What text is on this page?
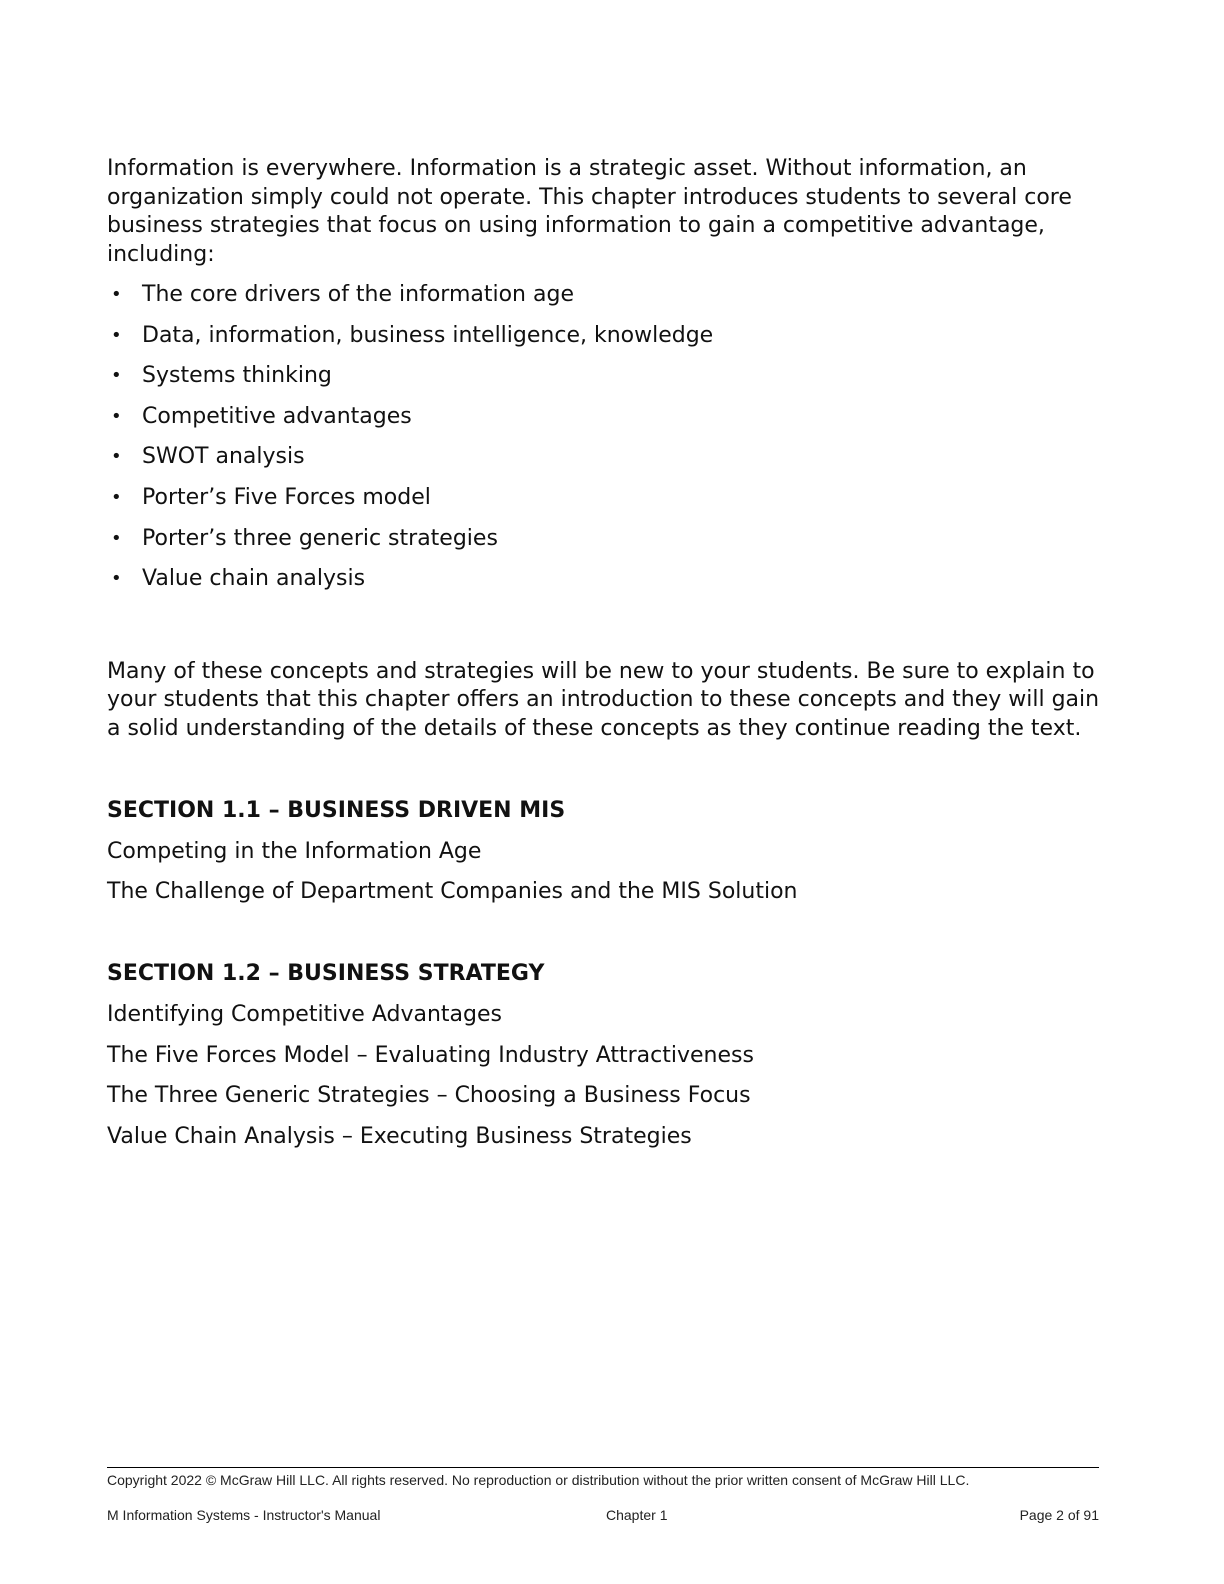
Information is everywhere. Information is a strategic asset. Without information, an organization simply could not operate. This chapter introduces students to several core business strategies that focus on using information to gain a competitive advantage, including:

• The core drivers of the information age
• Data, information, business intelligence, knowledge
• Systems thinking
• Competitive advantages
• SWOT analysis
• Porter’s Five Forces model
• Porter’s three generic strategies
• Value chain analysis

Many of these concepts and strategies will be new to your students. Be sure to explain to your students that this chapter offers an introduction to these concepts and they will gain a solid understanding of the details of these concepts as they continue reading the text.

SECTION 1.1 – BUSINESS DRIVEN MIS
Competing in the Information Age
The Challenge of Department Companies and the MIS Solution
SECTION 1.2 – BUSINESS STRATEGY
Identifying Competitive Advantages
The Five Forces Model – Evaluating Industry Attractiveness
The Three Generic Strategies – Choosing a Business Focus
Value Chain Analysis – Executing Business Strategies
Copyright 2022 © McGraw Hill LLC. All rights reserved. No reproduction or distribution without the prior written consent of McGraw Hill LLC.
M Information Systems - Instructor's Manual	Chapter 1	Page 2 of 91
